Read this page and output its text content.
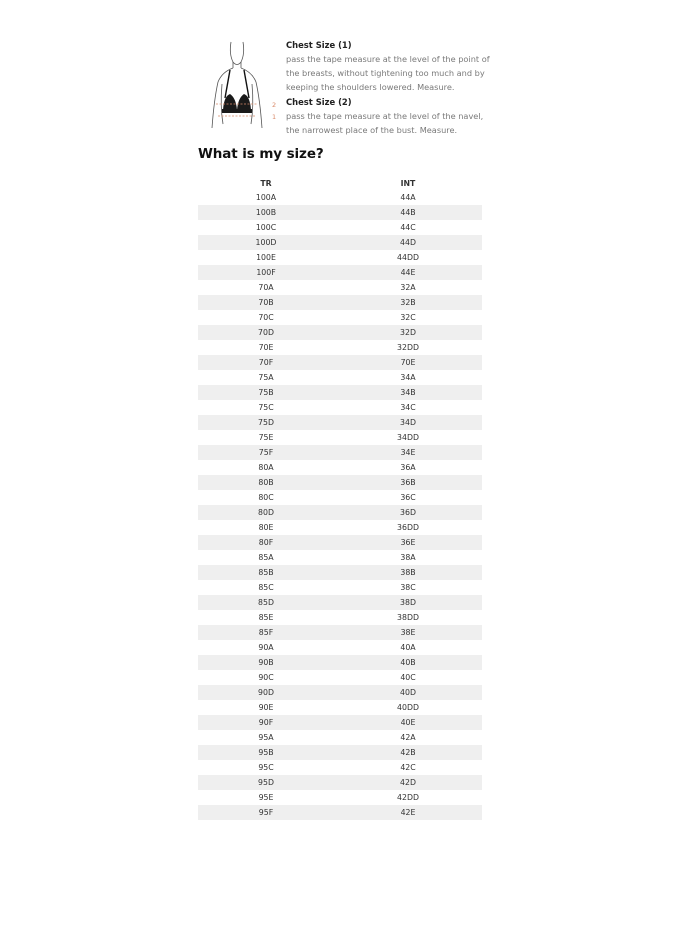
2
1
Chest Size (1)
pass the tape measure at the level of the point of the breasts, without tightening too much and by keeping the shoulders lowered. Measure.
Chest Size (2)
pass the tape measure at the level of the navel, the narrowest place of the bust. Measure.
What is my size?
TR	INT
100A	44A
100B	44B
100C	44C
100D	44D
100E	44DD
100F	44E
70A	32A
70B	32B
70C	32C
70D	32D
70E	32DD
70F	70E
75A	34A
75B	34B
75C	34C
75D	34D
75E	34DD
75F	34E
80A	36A
80B	36B
80C	36C
80D	36D
80E	36DD
80F	36E
85A	38A
85B	38B
85C	38C
85D	38D
85E	38DD
85F	38E
90A	40A
90B	40B
90C	40C
90D	40D
90E	40DD
90F	40E
95A	42A
95B	42B
95C	42C
95D	42D
95E	42DD
95F	42E
